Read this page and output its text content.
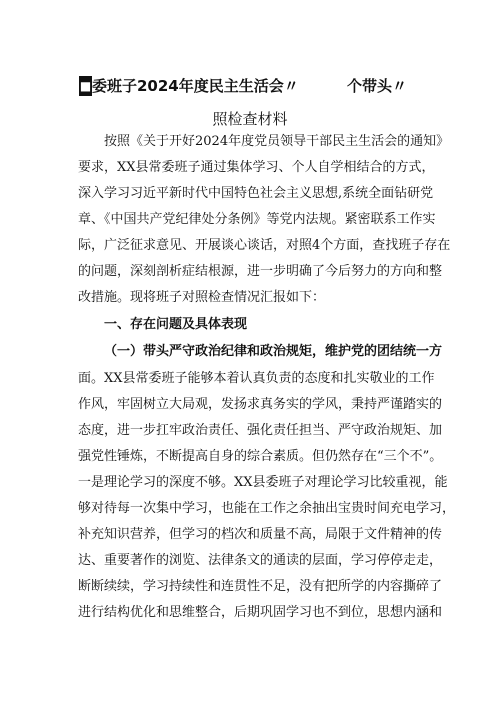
■ 委班子2024年度民主生活会〃	个带头〃
照检查材料
按照《关于开好2024年度党员领导干部民主生活会的通知》
要求，XX县常委班子通过集体学习、个人自学相结合的方式，
深入学习习近平新时代中国特色社会主义思想,系统全面钻研党
章、《中国共产党纪律处分条例》等党内法规。紧密联系工作实
际，广泛征求意见、开展谈心谈话，对照4个方面，查找班子存在
的问题，深刻剖析症结根源，进一步明确了今后努力的方向和整
改措施。现将班子对照检查情况汇报如下：
一、存在问题及具体表现
（一）带头严守政治纪律和政治规矩，维护党的团结统一方
面。XX县常委班子能够本着认真负责的态度和扎实敬业的工作
作风，牢固树立大局观，发扬求真务实的学风，秉持严谨踏实的
态度，进一步扛牢政治责任、强化责任担当、严守政治规矩、加
强党性锤炼，不断提高自身的综合素质。但仍然存在“三个不”。
一是理论学习的深度不够。XX县委班子对理论学习比较重视，能
够对待每一次集中学习，也能在工作之余抽出宝贵时间充电学习，
补充知识营养，但学习的档次和质量不高，局限于文件精神的传
达、重要著作的浏览、法律条文的通读的层面，学习停停走走，
断断续续，学习持续性和连贯性不足，没有把所学的内容撕碎了
进行结构优化和思维整合，后期巩固学习也不到位，思想内涵和
